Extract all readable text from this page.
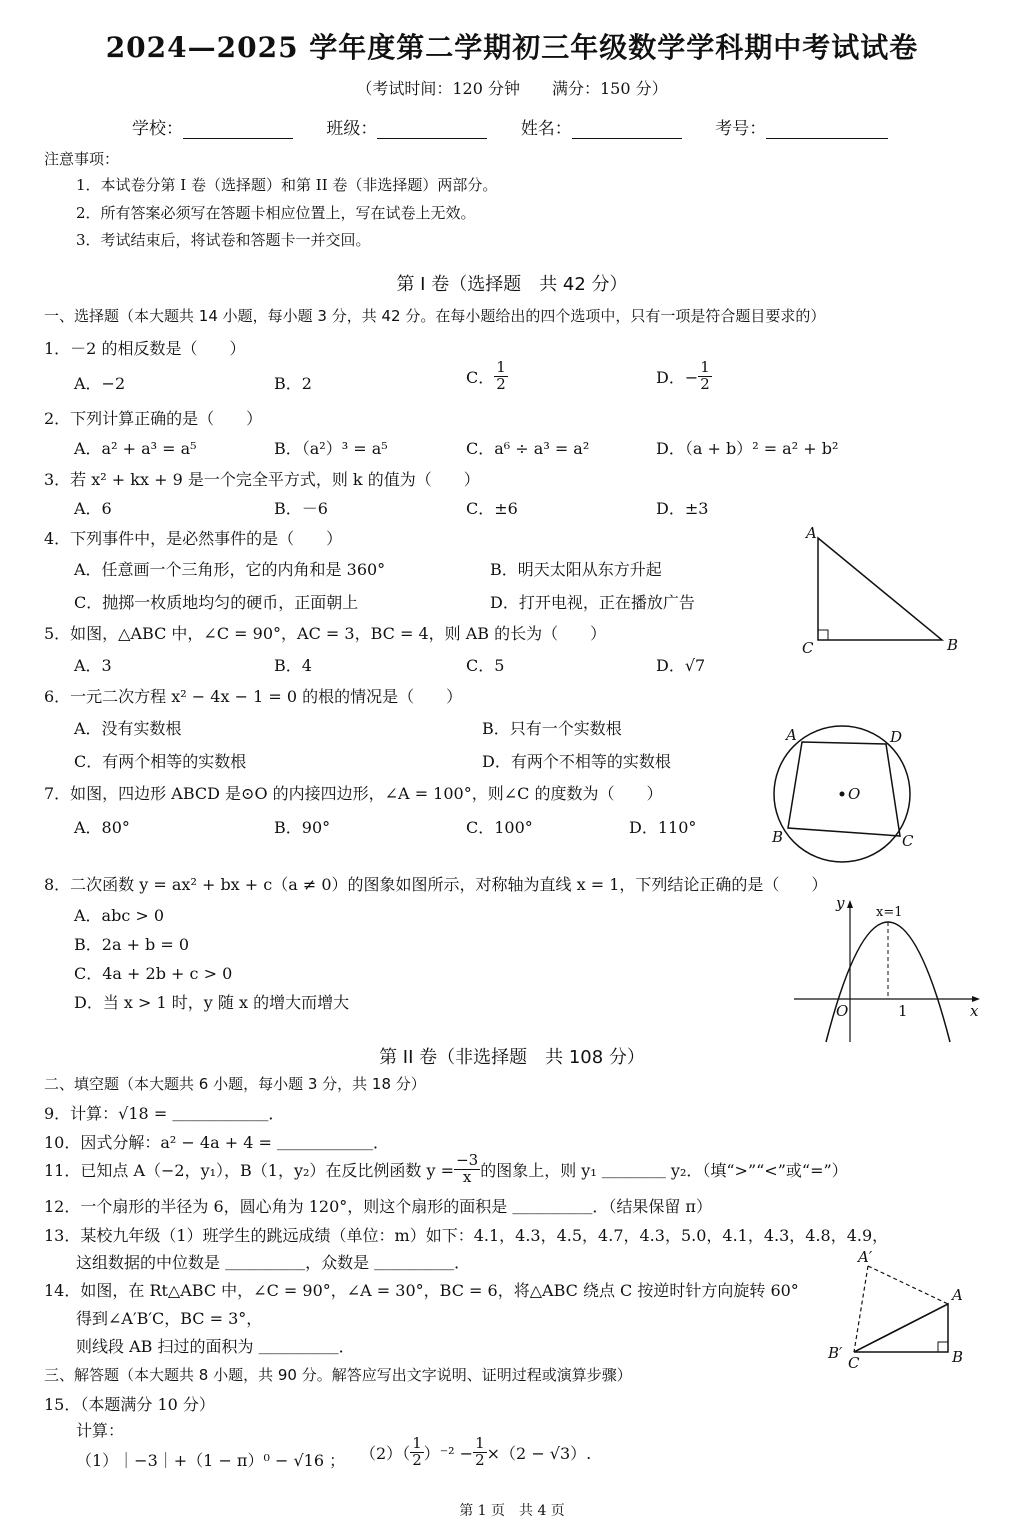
2024—2025 学年度第二学期初三年级数学学科期中考试试卷
（考试时间：120 分钟　　满分：150 分）
学校：	班级：	姓名：	考号：
注意事项：
1．本试卷分第 I 卷（选择题）和第 II 卷（非选择题）两部分。
2．所有答案必须写在答题卡相应位置上，写在试卷上无效。
3．考试结束后，将试卷和答题卡一并交回。
第 I 卷（选择题　共 42 分）
一、选择题（本大题共 14 小题，每小题 3 分，共 42 分。在每小题给出的四个选项中，只有一项是符合题目要求的）
1．－2 的相反数是（　　）
A．−2	B．2	C． $\frac{1}{2}$	D．− $\frac{1}{2}$
2．下列计算正确的是（　　）
A．a² + a³ = a⁵	B．（a²）³ = a⁵	C．a⁶ ÷ a³ = a²	D．（a + b）² = a² + b²
3．若 x² + kx + 9 是一个完全平方式，则 k 的值为（　　）
A．6	B．－6	C．±6	D．±3
4．下列事件中，是必然事件的是（　　）
A．任意画一个三角形，它的内角和是 360°	B．明天太阳从东方升起
C．抛掷一枚质地均匀的硬币，正面朝上	D．打开电视，正在播放广告
5．如图，△ABC 中，∠C = 90°，AC = 3，BC = 4，则 AB 的长为（　　）
A．3	B．4	C．5	D．√7
6．一元二次方程 x² − 4x − 1 = 0 的根的情况是（　　）
A．没有实数根	B．只有一个实数根
C．有两个相等的实数根	D．有两个不相等的实数根
7．如图，四边形 ABCD 是⊙O 的内接四边形，∠A = 100°，则∠C 的度数为（　　）
A．80°	B．90°	C．100°	D．110°
8．二次函数 y = ax² + bx + c（a ≠ 0）的图象如图所示，对称轴为直线 x = 1，下列结论正确的是（　　）
A．abc > 0
B．2a + b = 0
C．4a + 2b + c > 0
D．当 x > 1 时，y 随 x 的增大而增大
第 II 卷（非选择题　共 108 分）
二、填空题（本大题共 6 小题，每小题 3 分，共 18 分）
9．计算：√18 = ＿＿＿＿＿＿．
10．因式分解：a² − 4a + 4 = ＿＿＿＿＿＿．
11．已知点 A（−2，y₁），B（1，y₂）在反比例函数 $y = \frac{-3}{x}$ 的图象上，则 y₁ ＿＿＿＿ y₂．（填“>”“<”或“=”）
12．一个扇形的半径为 6，圆心角为 120°，则这个扇形的面积是 ＿＿＿＿＿．（结果保留 π）
13．某校九年级（1）班学生的跳远成绩（单位：m）如下：4.1，4.3，4.5，4.7，4.3，5.0，4.1，4.3，4.8，4.9，
这组数据的中位数是 ＿＿＿＿＿，众数是 ＿＿＿＿＿．
14．如图，在 Rt△ABC 中，∠C = 90°，∠A = 30°，BC = 6，将△ABC 绕点 C 按逆时针方向旋转 60°
得到∠A′B′C，BC = 3°，
则线段 AB 扫过的面积为 ＿＿＿＿＿．
三、解答题（本大题共 8 小题，共 90 分。解答应写出文字说明、证明过程或演算步骤）
15．（本题满分 10 分）
计算：
（1）｜−3｜+（1 − π）⁰ − √16 ； $(2)( \frac{1}{2} )^{-2} - \frac{1}{2} \times(2 - √3)$.
A
C	B
A	D
B	C
O
y
x
O	1
x=1
A′
A
B′
C	B
第 1 页　共 4 页
